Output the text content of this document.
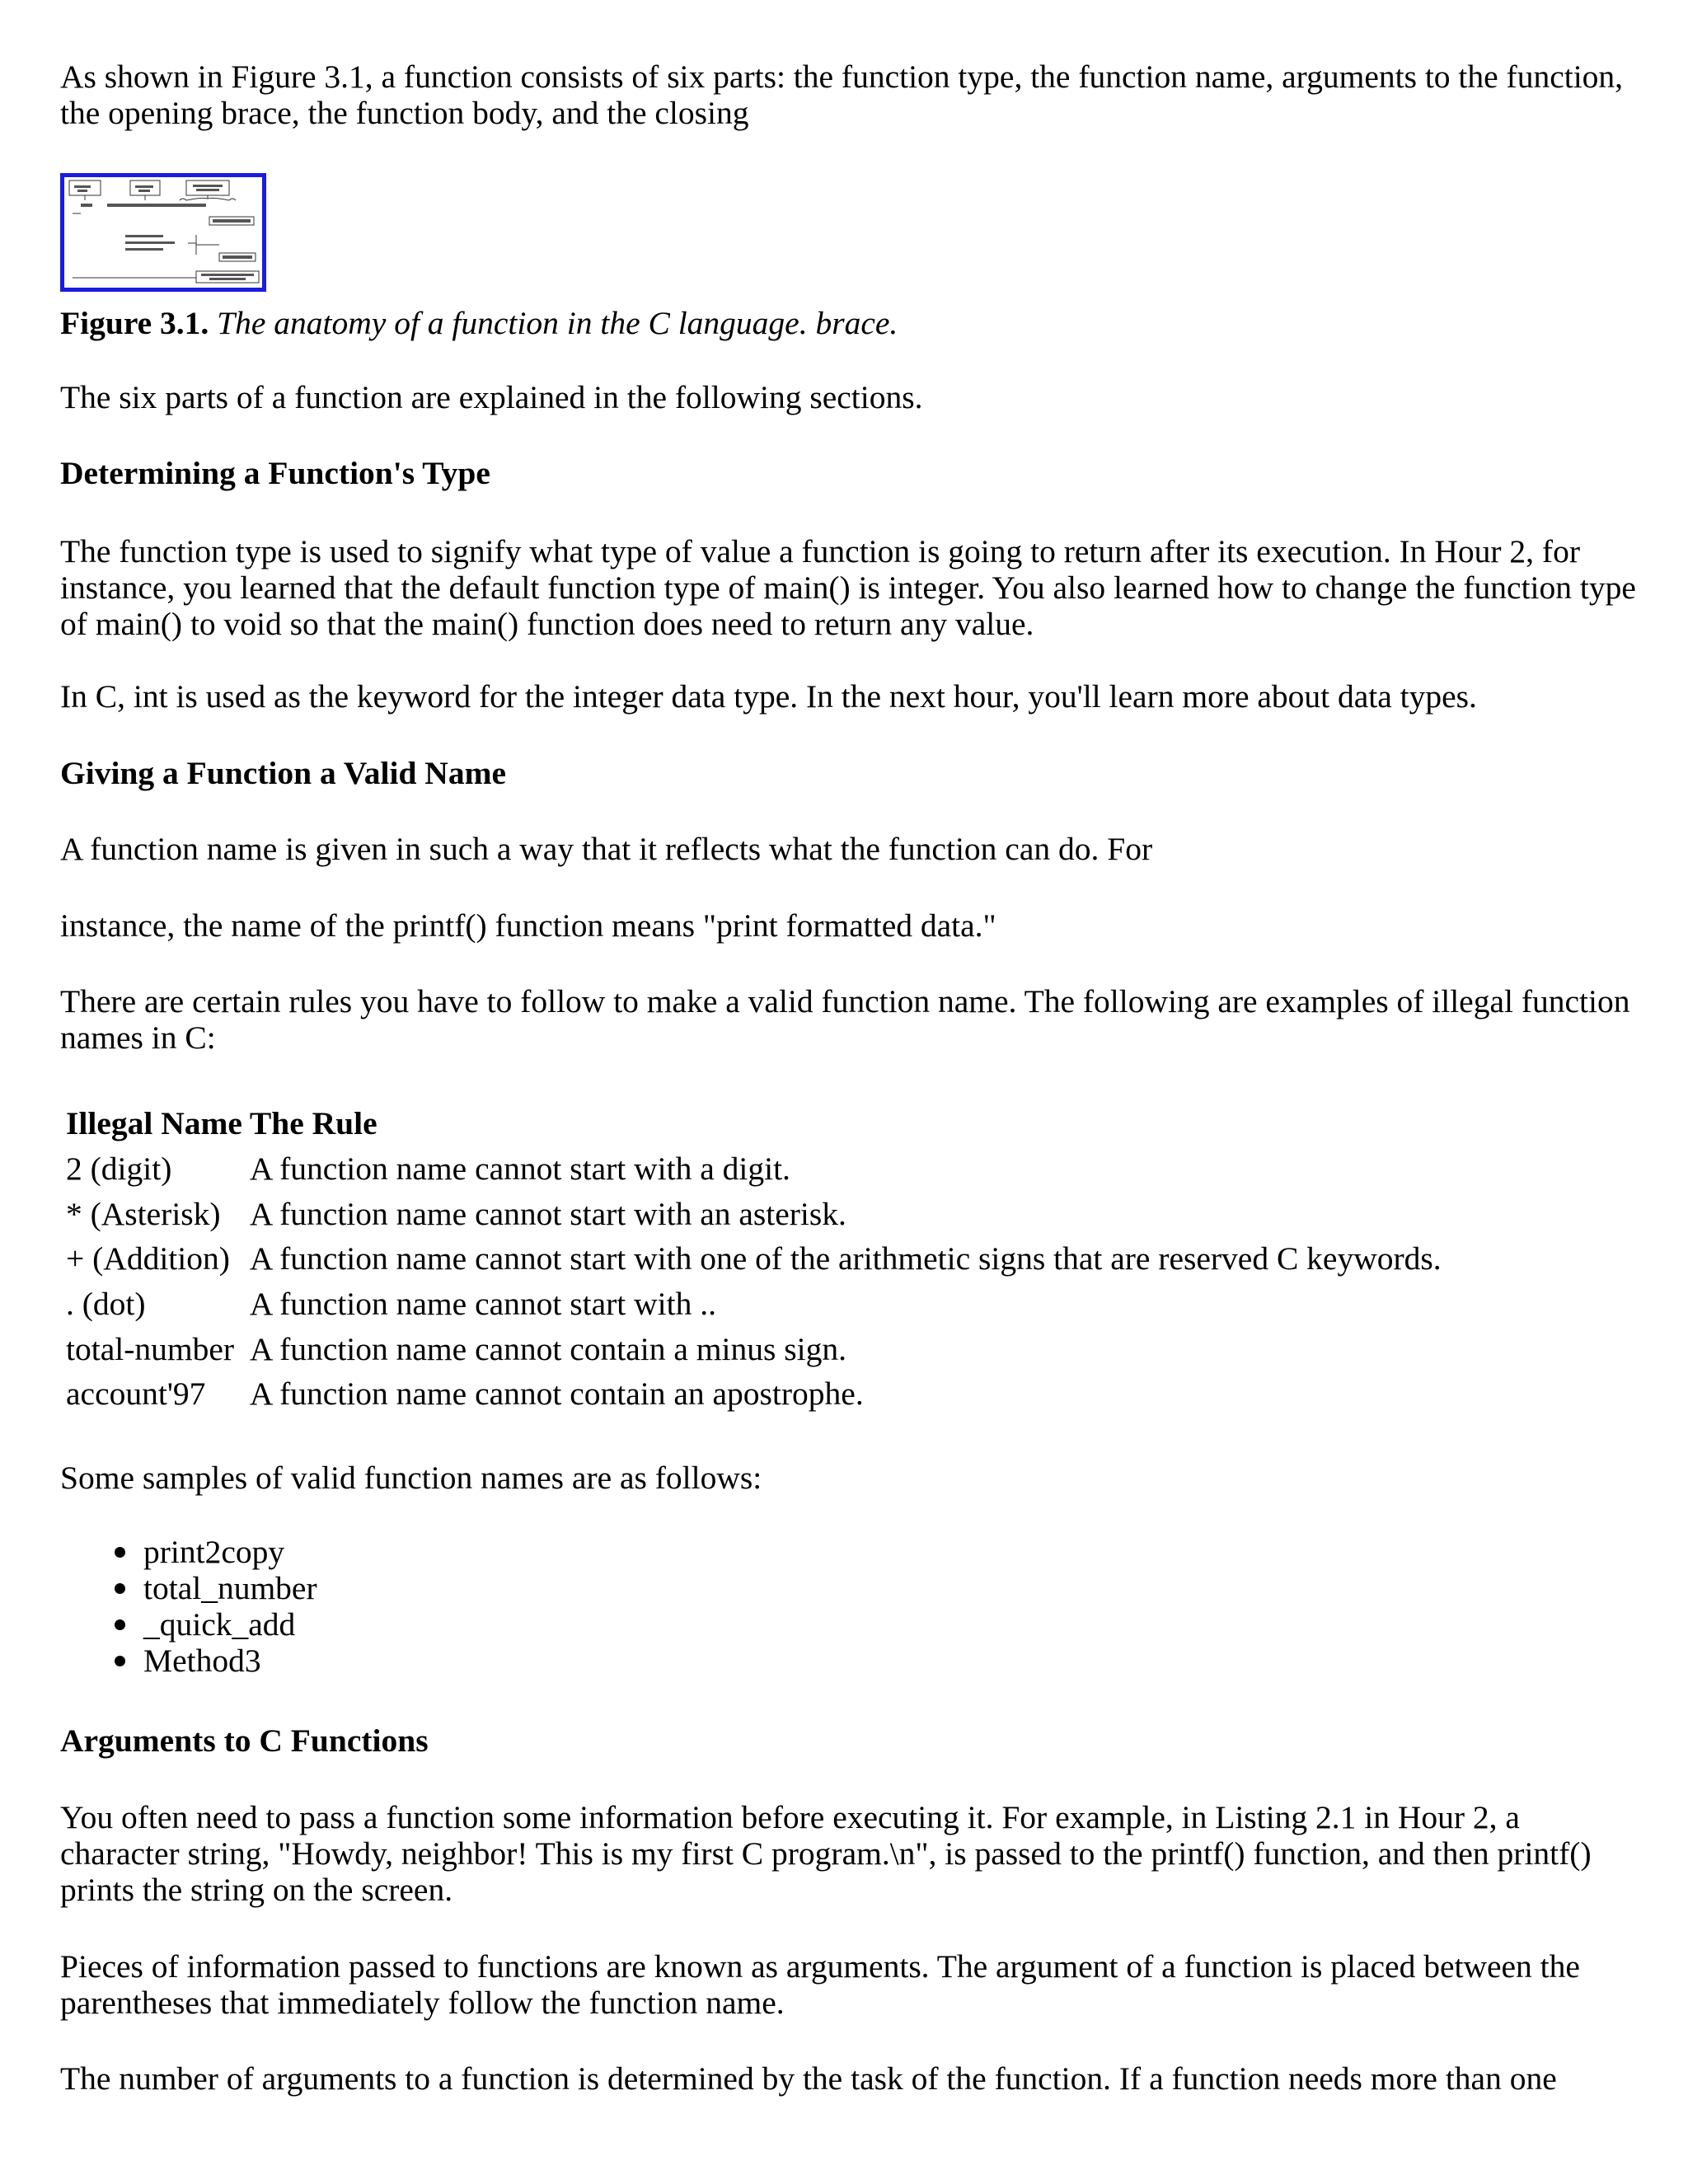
As shown in Figure 3.1, a function consists of six parts: the function type, the function name, arguments to the function, the opening brace, the function body, and the closing

Figure 3.1. The anatomy of a function in the C language. brace.

The six parts of a function are explained in the following sections.

Determining a Function's Type

The function type is used to signify what type of value a function is going to return after its execution. In Hour 2, for instance, you learned that the default function type of main() is integer. You also learned how to change the function type of main() to void so that the main() function does need to return any value.

In C, int is used as the keyword for the integer data type. In the next hour, you'll learn more about data types.

Giving a Function a Valid Name

A function name is given in such a way that it reflects what the function can do. For

instance, the name of the printf() function means "print formatted data."

There are certain rules you have to follow to make a valid function name. The following are examples of illegal function names in C:

Illegal Name	The Rule
2 (digit)	A function name cannot start with a digit.
* (Asterisk)	A function name cannot start with an asterisk.
+ (Addition)	A function name cannot start with one of the arithmetic signs that are reserved C keywords.
. (dot)	A function name cannot start with ..
total-number	A function name cannot contain a minus sign.
account'97	A function name cannot contain an apostrophe.

Some samples of valid function names are as follows:

print2copy
total_number
_quick_add
Method3

Arguments to C Functions

You often need to pass a function some information before executing it. For example, in Listing 2.1 in Hour 2, a character string, "Howdy, neighbor! This is my first C program.\n", is passed to the printf() function, and then printf() prints the string on the screen.

Pieces of information passed to functions are known as arguments. The argument of a function is placed between the parentheses that immediately follow the function name.

The number of arguments to a function is determined by the task of the function. If a function needs more than one
